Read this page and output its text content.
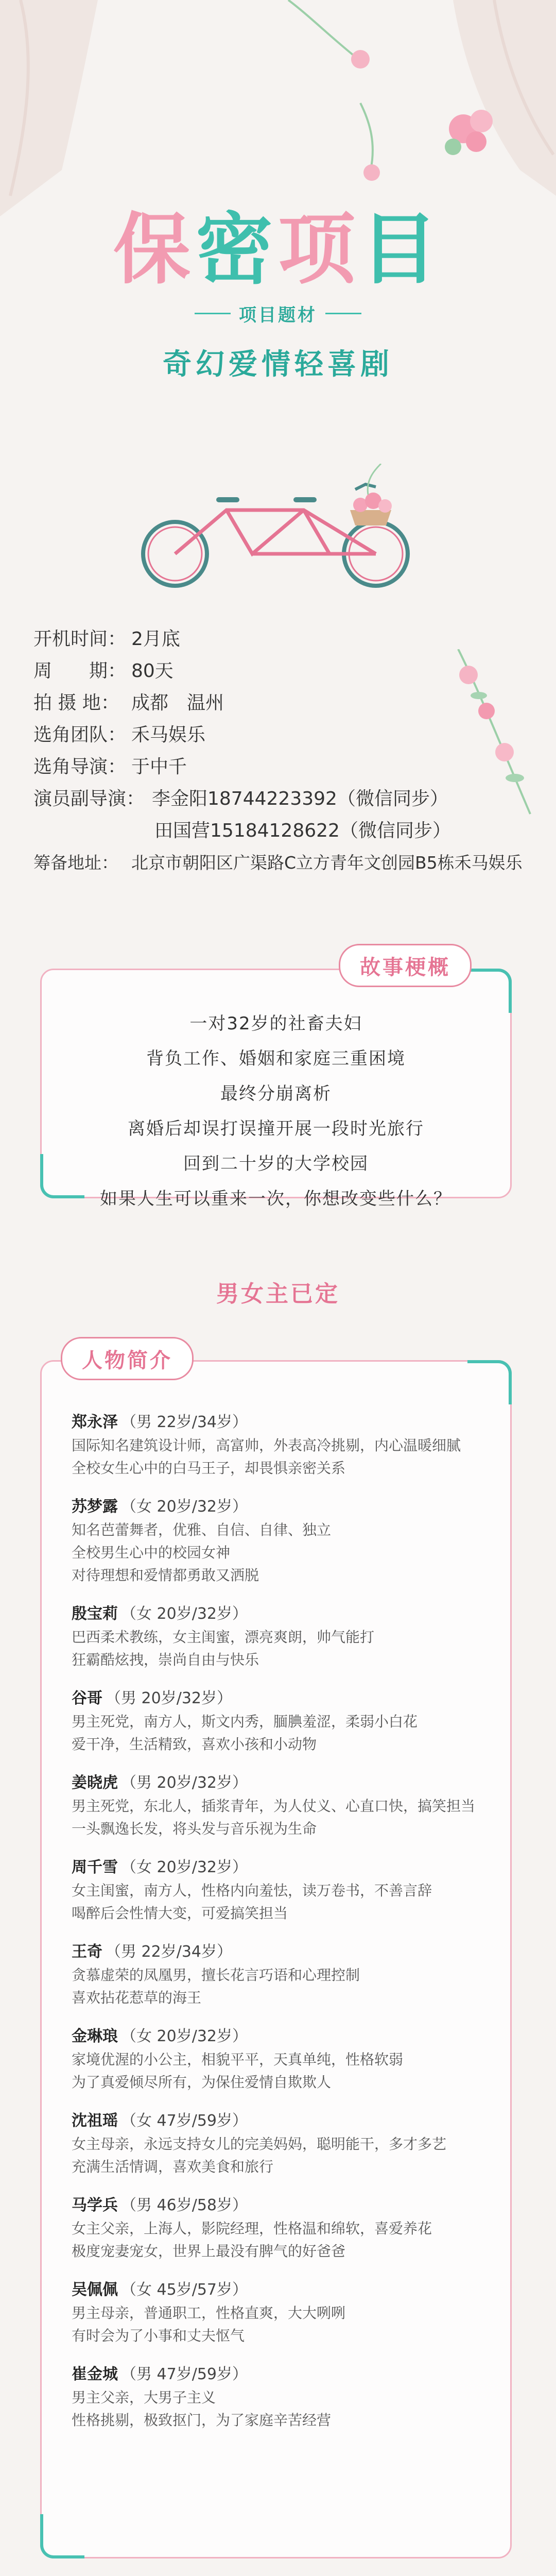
保密项目
项目题材
奇幻爱情轻喜剧
开机时间： 2月底
周　　期： 80天
拍 摄 地： 成都　温州
选角团队： 禾马娱乐
选角导演： 于中千
演员副导演： 李金阳18744223392（微信同步）
田国营15184128622（微信同步）
筹备地址： 北京市朝阳区广渠路C立方青年文创园B5栋禾马娱乐
一对32岁的社畜夫妇
背负工作、婚姻和家庭三重困境
最终分崩离析
离婚后却误打误撞开展一段时光旅行
回到二十岁的大学校园
如果人生可以重来一次，你想改变些什么？
故事梗概
男女主已定
郑永泽 （男 22岁/34岁）
国际知名建筑设计师，高富帅，外表高冷挑剔，内心温暖细腻
全校女生心中的白马王子，却畏惧亲密关系
苏梦露 （女 20岁/32岁）
知名芭蕾舞者，优雅、自信、自律、独立
全校男生心中的校园女神
对待理想和爱情都勇敢又洒脱
殷宝莉 （女 20岁/32岁）
巴西柔术教练，女主闺蜜，漂亮爽朗，帅气能打
狂霸酷炫拽，崇尚自由与快乐
谷哥 （男 20岁/32岁）
男主死党，南方人，斯文内秀，腼腆羞涩，柔弱小白花
爱干净，生活精致，喜欢小孩和小动物
姜晓虎 （男 20岁/32岁）
男主死党，东北人，插浆青年，为人仗义、心直口快，搞笑担当
一头飘逸长发，将头发与音乐视为生命
周千雪 （女 20岁/32岁）
女主闺蜜，南方人，性格内向羞怯，读万卷书，不善言辞
喝醉后会性情大变，可爱搞笑担当
王奇 （男 22岁/34岁）
贪慕虚荣的凤凰男，擅长花言巧语和心理控制
喜欢拈花惹草的海王
金琳琅 （女 20岁/32岁）
家境优渥的小公主，相貌平平，天真单纯，性格软弱
为了真爱倾尽所有，为保住爱情自欺欺人
沈祖瑶 （女 47岁/59岁）
女主母亲，永远支持女儿的完美妈妈，聪明能干，多才多艺
充满生活情调，喜欢美食和旅行
马学兵 （男 46岁/58岁）
女主父亲，上海人，影院经理，性格温和绵软，喜爱养花
极度宠妻宠女，世界上最没有脾气的好爸爸
吴佩佩 （女 45岁/57岁）
男主母亲，普通职工，性格直爽，大大咧咧
有时会为了小事和丈夫怄气
崔金城 （男 47岁/59岁）
男主父亲，大男子主义
性格挑剔，极致抠门，为了家庭辛苦经营
人物简介
